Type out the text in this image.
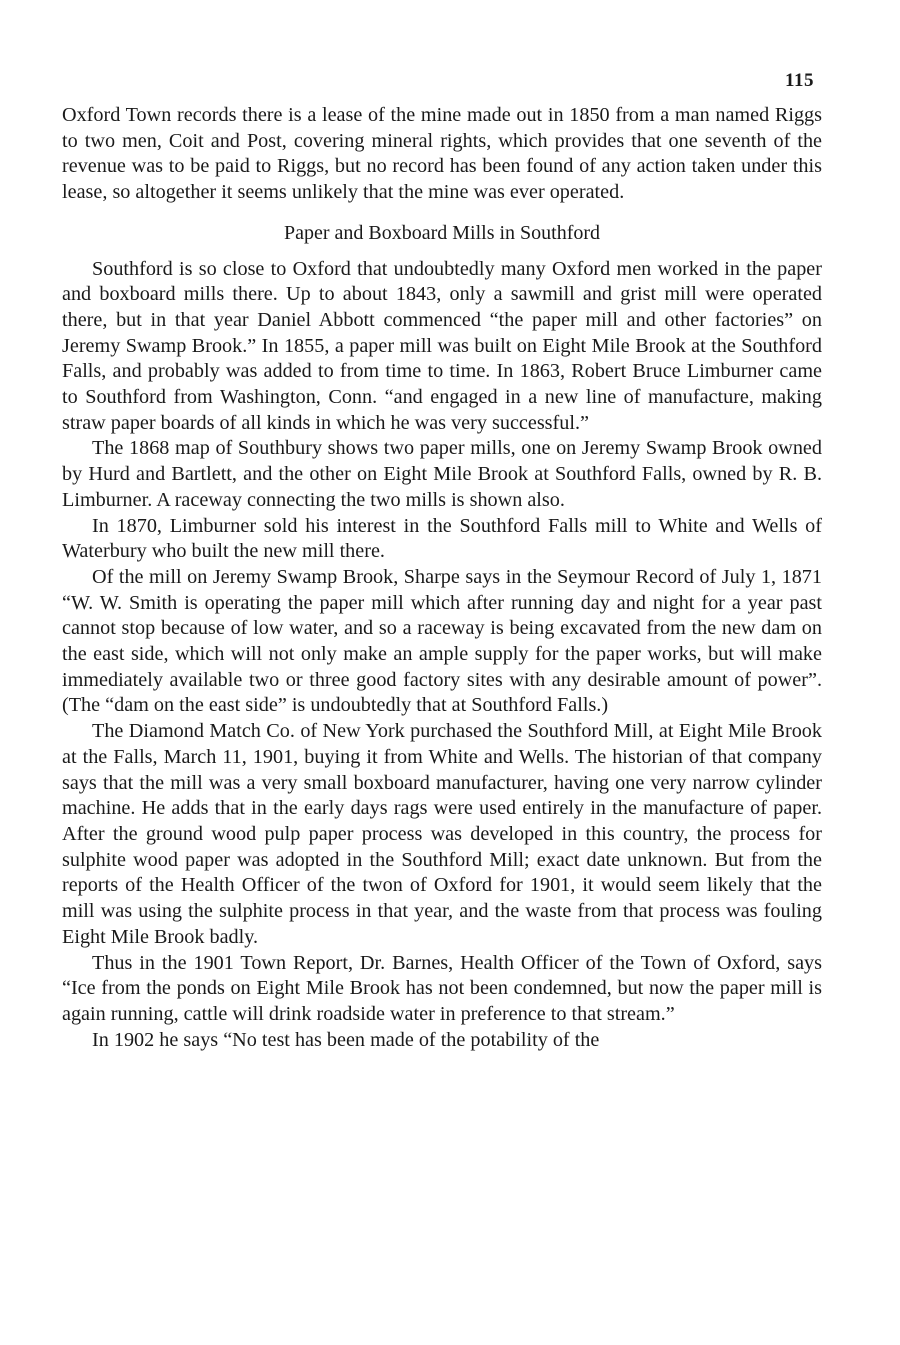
115

Oxford Town records there is a lease of the mine made out in 1850 from a man named Riggs to two men, Coit and Post, covering mineral rights, which provides that one seventh of the revenue was to be paid to Riggs, but no record has been found of any action taken under this lease, so altogether it seems unlikely that the mine was ever operated.

Paper and Boxboard Mills in Southford

Southford is so close to Oxford that undoubtedly many Oxford men worked in the paper and boxboard mills there. Up to about 1843, only a sawmill and grist mill were operated there, but in that year Daniel Abbott commenced “the paper mill and other factories” on Jeremy Swamp Brook.” In 1855, a paper mill was built on Eight Mile Brook at the Southford Falls, and probably was added to from time to time. In 1863, Robert Bruce Limburner came to Southford from Washington, Conn. “and engaged in a new line of manufacture, making straw paper boards of all kinds in which he was very successful.”

The 1868 map of Southbury shows two paper mills, one on Jeremy Swamp Brook owned by Hurd and Bartlett, and the other on Eight Mile Brook at Southford Falls, owned by R. B. Limburner. A raceway connecting the two mills is shown also.

In 1870, Limburner sold his interest in the Southford Falls mill to White and Wells of Waterbury who built the new mill there.

Of the mill on Jeremy Swamp Brook, Sharpe says in the Seymour Record of July 1, 1871 “W. W. Smith is operating the paper mill which after running day and night for a year past cannot stop because of low water, and so a raceway is being excavated from the new dam on the east side, which will not only make an ample supply for the paper works, but will make immediately available two or three good factory sites with any desirable amount of power”. (The “dam on the east side” is undoubtedly that at Southford Falls.)

The Diamond Match Co. of New York purchased the Southford Mill, at Eight Mile Brook at the Falls, March 11, 1901, buying it from White and Wells. The historian of that company says that the mill was a very small boxboard manufacturer, having one very narrow cylinder machine. He adds that in the early days rags were used entirely in the manufacture of paper. After the ground wood pulp paper process was developed in this country, the process for sulphite wood paper was adopted in the Southford Mill; exact date unknown. But from the reports of the Health Officer of the twon of Oxford for 1901, it would seem likely that the mill was using the sulphite process in that year, and the waste from that process was fouling Eight Mile Brook badly.

Thus in the 1901 Town Report, Dr. Barnes, Health Officer of the Town of Oxford, says “Ice from the ponds on Eight Mile Brook has not been condemned, but now the paper mill is again running, cattle will drink roadside water in preference to that stream.”

In 1902 he says “No test has been made of the potability of the
